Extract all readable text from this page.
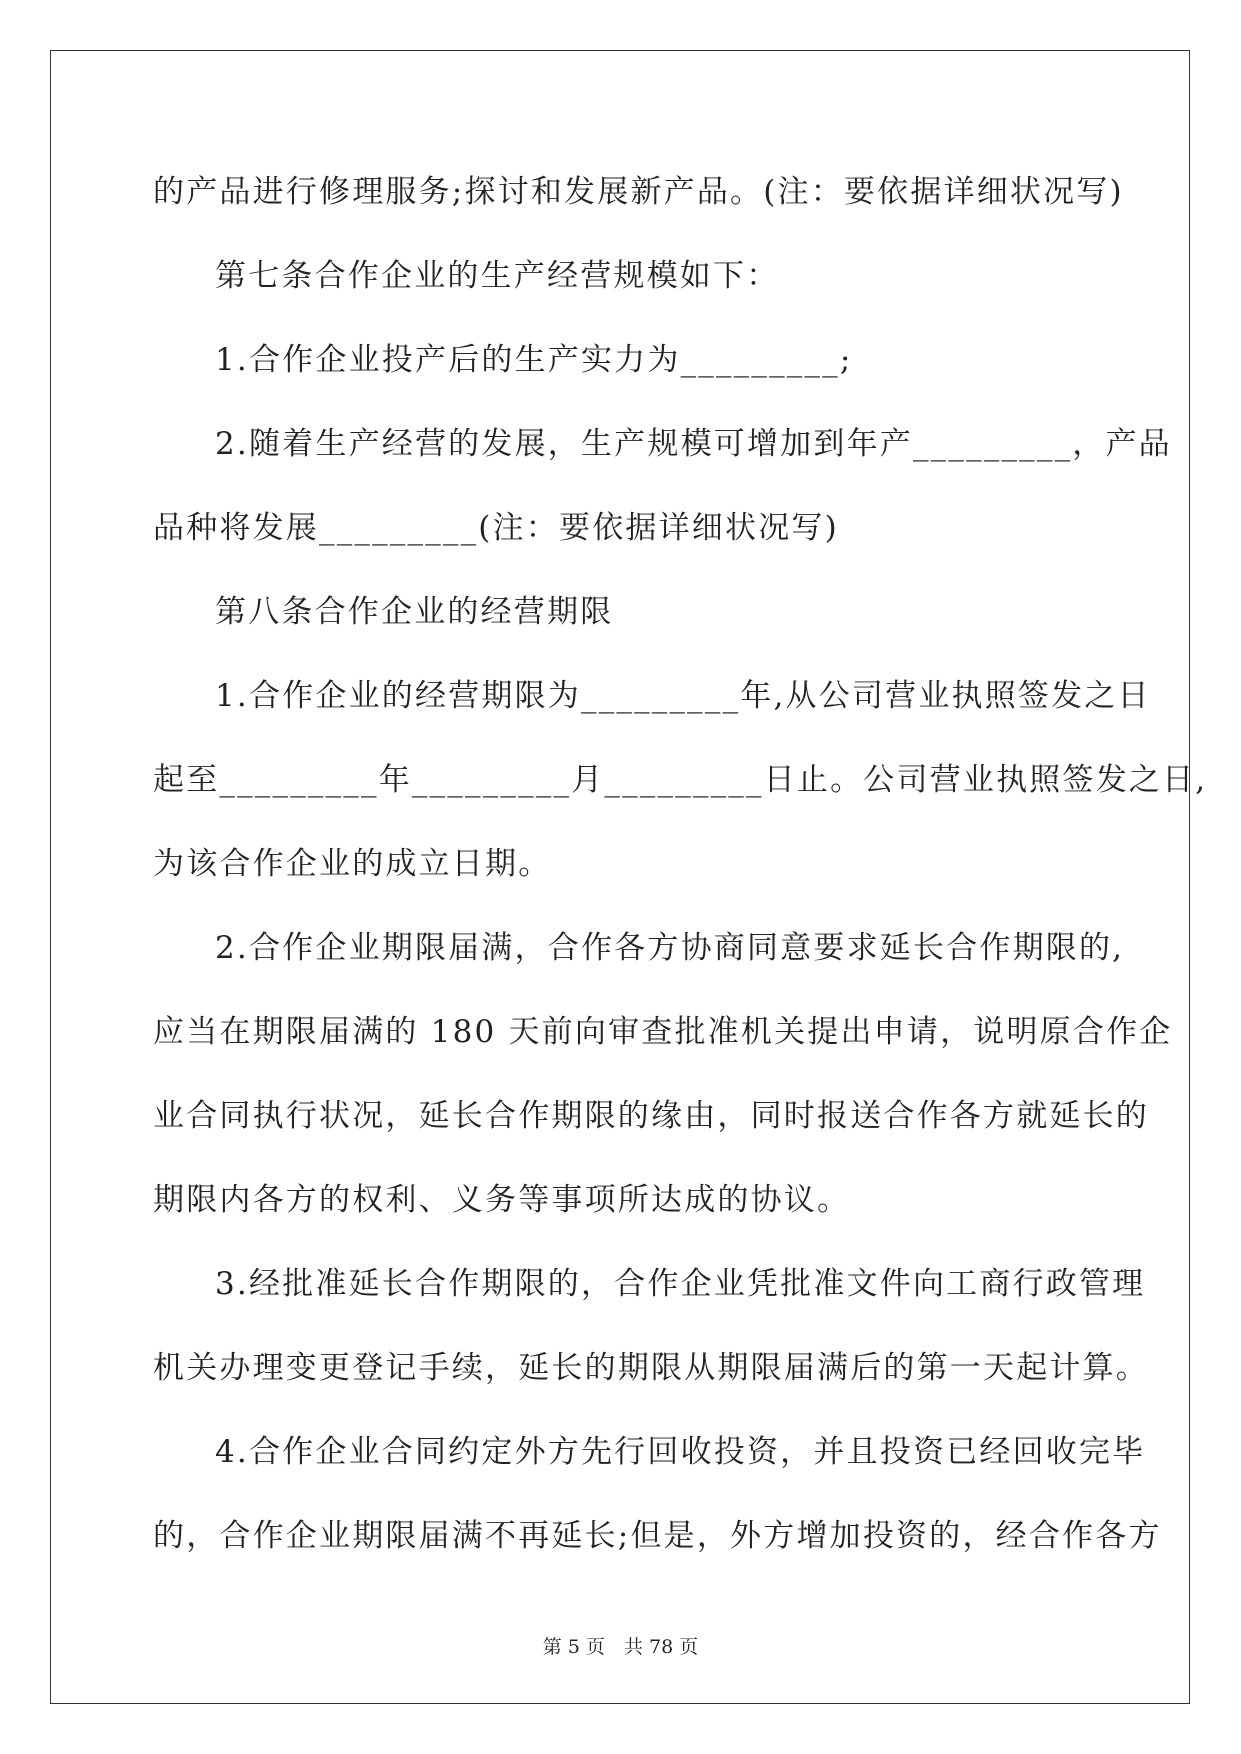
的产品进行修理服务;探讨和发展新产品。(注：要依据详细状况写)
第七条合作企业的生产经营规模如下：
1.合作企业投产后的生产实力为_________;
2.随着生产经营的发展，生产规模可增加到年产_________，产品
品种将发展_________(注：要依据详细状况写)
第八条合作企业的经营期限
1.合作企业的经营期限为_________年,从公司营业执照签发之日
起至_________年_________月_________日止。公司营业执照签发之日,
为该合作企业的成立日期。
2.合作企业期限届满，合作各方协商同意要求延长合作期限的,
应当在期限届满的 180 天前向审查批准机关提出申请，说明原合作企
业合同执行状况，延长合作期限的缘由，同时报送合作各方就延长的
期限内各方的权利、义务等事项所达成的协议。
3.经批准延长合作期限的，合作企业凭批准文件向工商行政管理
机关办理变更登记手续，延长的期限从期限届满后的第一天起计算。
4.合作企业合同约定外方先行回收投资，并且投资已经回收完毕
的，合作企业期限届满不再延长;但是，外方增加投资的，经合作各方
第 5 页　共 78 页
